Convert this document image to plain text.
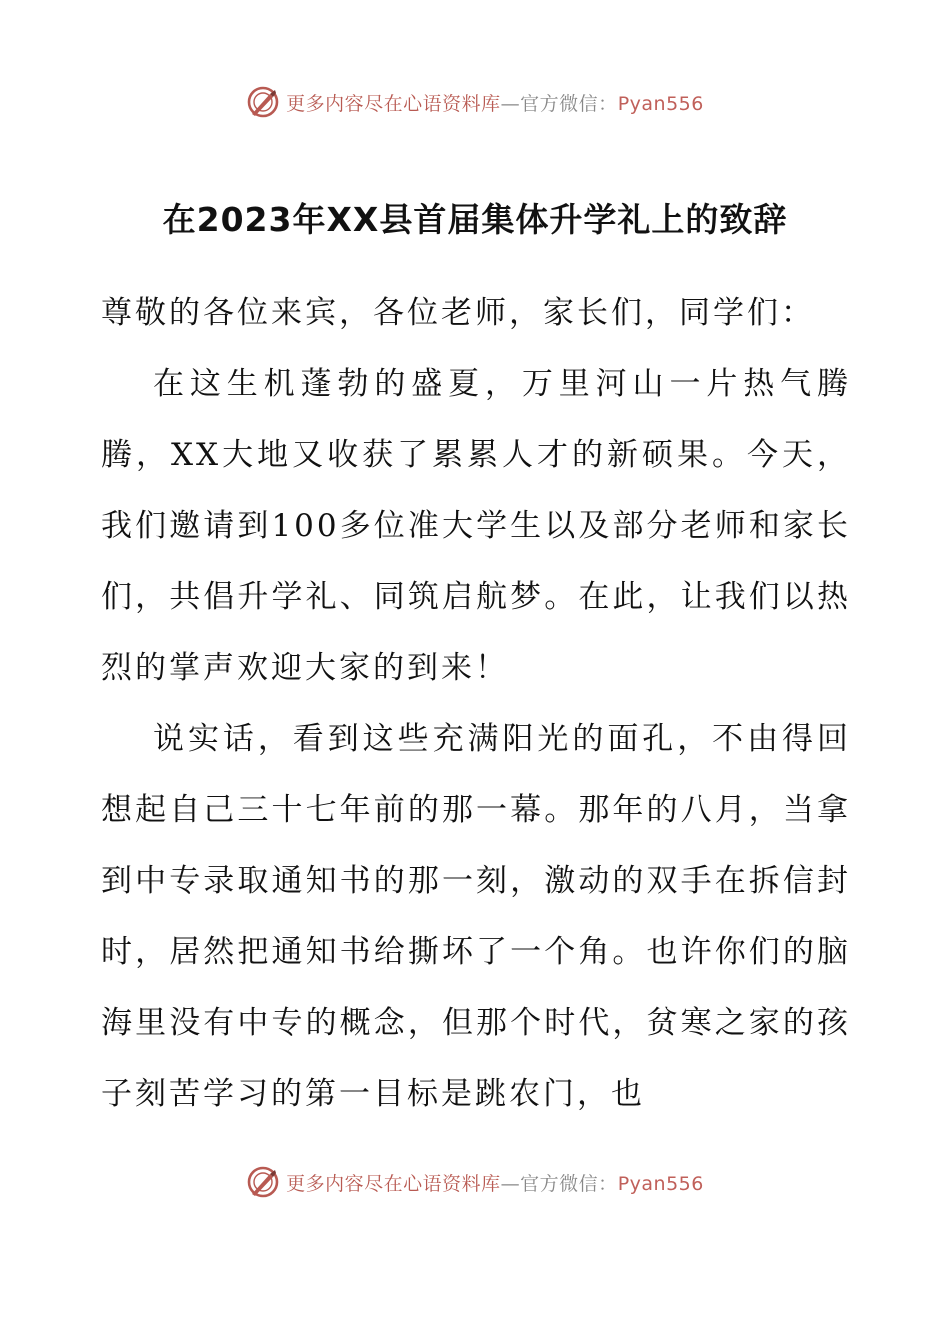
更多内容尽在心语资料库—官方微信：Pyan556
在2023年XX县首届集体升学礼上的致辞

尊敬的各位来宾，各位老师，家长们，同学们：

在这生机蓬勃的盛夏，万里河山一片热气腾腾，XX大地又收获了累累人才的新硕果。今天，我们邀请到100多位准大学生以及部分老师和家长们，共倡升学礼、同筑启航梦。在此，让我们以热烈的掌声欢迎大家的到来！

说实话，看到这些充满阳光的面孔，不由得回想起自己三十七年前的那一幕。那年的八月，当拿到中专录取通知书的那一刻，激动的双手在拆信封时，居然把通知书给撕坏了一个角。也许你们的脑海里没有中专的概念，但那个时代，贫寒之家的孩子刻苦学习的第一目标是跳农门，也

更多内容尽在心语资料库—官方微信：Pyan556
